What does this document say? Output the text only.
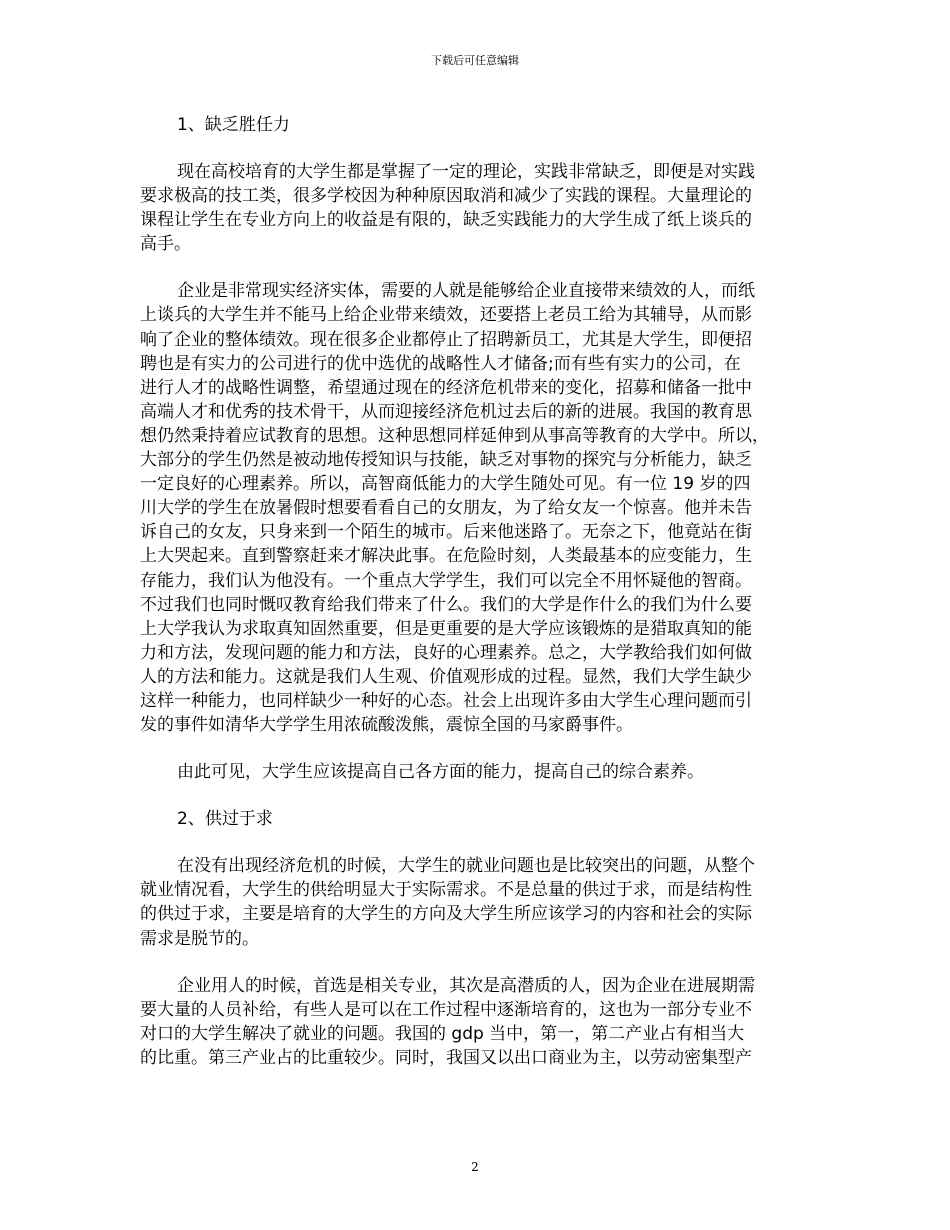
下载后可任意编辑
1、缺乏胜任力
现在高校培育的大学生都是掌握了一定的理论，实践非常缺乏，即便是对实践
要求极高的技工类，很多学校因为种种原因取消和减少了实践的课程。大量理论的
课程让学生在专业方向上的收益是有限的，缺乏实践能力的大学生成了纸上谈兵的
高手。
企业是非常现实经济实体，需要的人就是能够给企业直接带来绩效的人，而纸
上谈兵的大学生并不能马上给企业带来绩效，还要搭上老员工给为其辅导，从而影
响了企业的整体绩效。现在很多企业都停止了招聘新员工，尤其是大学生，即便招
聘也是有实力的公司进行的优中选优的战略性人才储备;而有些有实力的公司，在
进行人才的战略性调整，希望通过现在的经济危机带来的变化，招募和储备一批中
高端人才和优秀的技术骨干，从而迎接经济危机过去后的新的进展。我国的教育思
想仍然秉持着应试教育的思想。这种思想同样延伸到从事高等教育的大学中。所以，
大部分的学生仍然是被动地传授知识与技能，缺乏对事物的探究与分析能力，缺乏
一定良好的心理素养。所以，高智商低能力的大学生随处可见。有一位 19 岁的四
川大学的学生在放暑假时想要看看自己的女朋友，为了给女友一个惊喜。他并未告
诉自己的女友，只身来到一个陌生的城市。后来他迷路了。无奈之下，他竟站在街
上大哭起来。直到警察赶来才解决此事。在危险时刻，人类最基本的应变能力，生
存能力，我们认为他没有。一个重点大学学生，我们可以完全不用怀疑他的智商。
不过我们也同时慨叹教育给我们带来了什么。我们的大学是作什么的我们为什么要
上大学我认为求取真知固然重要，但是更重要的是大学应该锻炼的是猎取真知的能
力和方法，发现问题的能力和方法，良好的心理素养。总之，大学教给我们如何做
人的方法和能力。这就是我们人生观、价值观形成的过程。显然，我们大学生缺少
这样一种能力，也同样缺少一种好的心态。社会上出现许多由大学生心理问题而引
发的事件如清华大学学生用浓硫酸泼熊，震惊全国的马家爵事件。
由此可见，大学生应该提高自己各方面的能力，提高自己的综合素养。
2、供过于求
在没有出现经济危机的时候，大学生的就业问题也是比较突出的问题，从整个
就业情况看，大学生的供给明显大于实际需求。不是总量的供过于求，而是结构性
的供过于求，主要是培育的大学生的方向及大学生所应该学习的内容和社会的实际
需求是脱节的。
企业用人的时候，首选是相关专业，其次是高潜质的人，因为企业在进展期需
要大量的人员补给，有些人是可以在工作过程中逐渐培育的，这也为一部分专业不
对口的大学生解决了就业的问题。我国的 gdp 当中，第一，第二产业占有相当大
的比重。第三产业占的比重较少。同时，我国又以出口商业为主，以劳动密集型产
2
